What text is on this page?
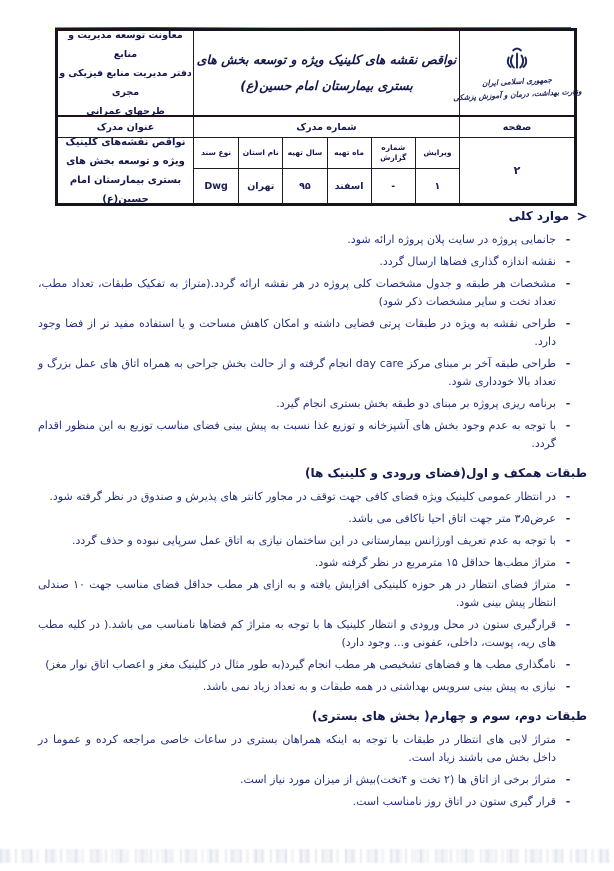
جمهوری اسلامی ایران
وزارت بهداشت، درمان و آموزش پزشکی
نواقص نقشه های کلینیک ویژه و توسعه بخش های
بستری بیمارستان امام حسین(ع)
معاونت توسعه مدیریت و منابع
دفتر مدیریت منابع فیزیکی و مجری
طرحهای عمرانی
صفحه
شماره مدرک
عنوان مدرک
۲
ویرایش
۱
شماره گزارش
-
ماه تهیه
اسفند
سال تهیه
۹۵
نام استان
تهران
نوع سند
Dwg
نواقص نقشه‌های کلینیک ویژه و توسعه بخش های بستری بیمارستان امام حسین(ع)
موارد کلی
-
جانمایی پروژه در سایت پلان پروژه ارائه شود.
-
نقشه اندازه گذاری فضاها ارسال گردد.
-
مشخصات هر طبقه و جدول مشخصات کلی پروژه در هر نقشه ارائه گردد.(متراژ به تفکیک طبقات، تعداد مطب، تعداد تخت و سایر مشخصات ذکر شود)
-
طراحی نقشه به ویژه در طبقات پرتی فضایی داشته و امکان کاهش مساحت و یا استفاده مفید تر از فضا وجود دارد.
-
طراحی طبقه آخر بر مبنای مرکز day care انجام گرفته و از حالت بخش جراحی به همراه اتاق های عمل بزرگ و تعداد بالا خودداری شود.
-
برنامه ریزی پروژه بر مبنای دو طبقه بخش بستری انجام گیرد.
-
با توجه به عدم وجود بخش های آشپزخانه و توزیع غذا نسبت به پیش بینی فضای مناسب توزیع به این منظور اقدام گردد.
طبقات همکف و اول(فضای ورودی و کلینیک ها)
-
در انتظار عمومی کلینیک ویژه فضای کافی جهت توقف در مجاور کانتر های پذیرش و صندوق در نظر گرفته شود.
-
عرض۳٫۵ متر جهت اتاق احیا ناکافی می باشد.
-
با توجه به عدم تعریف اورژانس بیمارستانی در این ساختمان نیازی به اتاق عمل سرپایی نبوده و حذف گردد.
-
متراژ مطب‌ها حداقل ۱۵ مترمربع در نظر گرفته شود.
-
متراژ فضای انتظار در هر حوزه کلینیکی افزایش یافته و به ازای هر مطب حداقل فضای مناسب جهت ۱۰ صندلی انتظار پیش بینی شود.
-
قرارگیری ستون در محل ورودی و انتظار کلینیک ها با توجه به متراژ کم فضاها نامناسب می باشد.( در کلیه مطب های ریه، پوست، داخلی، عفونی و... وجود دارد)
-
نامگذاری مطب ها و فضاهای تشخیصی هر مطب انجام گیرد(به طور مثال در کلینیک مغز و اعصاب اتاق نوار مغز)
-
نیازی به پیش بینی سرویس بهداشتی در همه طبقات و به تعداد زیاد نمی باشد.
طبقات دوم، سوم و چهارم( بخش های بستری)
-
متراژ لابی های انتظار در طبقات با توجه به اینکه همراهان بستری در ساعات خاصی مراجعه کرده و عموما در داخل بخش می باشند زیاد است.
-
متراژ برخی از اتاق ها (۲ تخت و ۴تخت)بیش از میزان مورد نیاز است.
-
قرار گیری ستون در اتاق روز نامناسب است.
